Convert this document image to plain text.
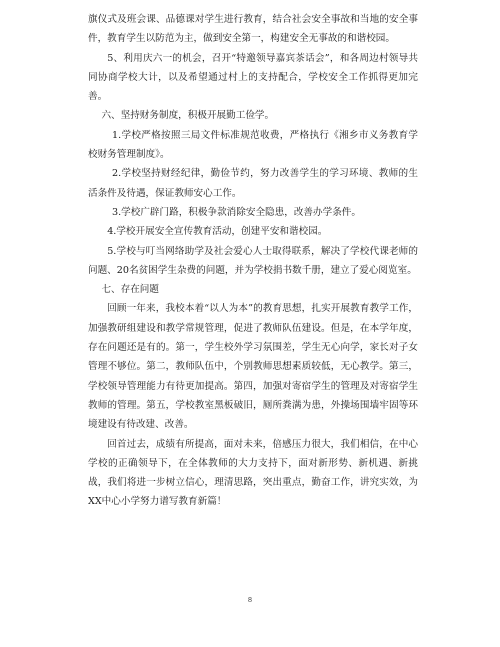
旗仪式及班会课、品德课对学生进行教育，结合社会安全事故和当地的安全事件，教育学生以防范为主，做到安全第一，构建安全无事故的和谐校园。

5、利用庆六一的机会，召开“特邀领导嘉宾茶话会”，和各周边村领导共同协商学校大计，以及希望通过村上的支持配合，学校安全工作抓得更加完善。

六、坚持财务制度，积极开展勤工俭学。

1.学校严格按照三局文件标准规范收费，严格执行《湘乡市义务教育学校财务管理制度》。

2.学校坚持财经纪律，勤俭节约，努力改善学生的学习环境、教师的生活条件及待遇，保证教师安心工作。

3.学校广辟门路，积极争款消除安全隐患，改善办学条件。

4.学校开展安全宣传教育活动，创建平安和谐校园。

5.学校与叮当网络助学及社会爱心人士取得联系，解决了学校代课老师的问题、20名贫困学生杂费的问题，并为学校捐书数千册，建立了爱心阅览室。

七、存在问题

回顾一年来，我校本着“以人为本”的教育思想，扎实开展教育教学工作，加强教研组建设和教学常规管理，促进了教师队伍建设。但是，在本学年度，存在问题还是有的。第一，学生校外学习氛围差，学生无心向学，家长对子女管理不够位。第二，教师队伍中，个别教师思想素质较低，无心教学。第三，学校领导管理能力有待更加提高。第四，加强对寄宿学生的管理及对寄宿学生教师的管理。第五，学校教室黑板破旧，厕所粪满为患，外操场围墙牢固等环境建设有待改建、改善。

回首过去，成绩有所提高，面对未来，倍感压力很大，我们相信，在中心学校的正确领导下，在全体教师的大力支持下，面对新形势、新机遇、新挑战，我们将进一步树立信心，理清思路，突出重点，勤奋工作，讲究实效，为XX中心小学努力谱写教育新篇！

8
